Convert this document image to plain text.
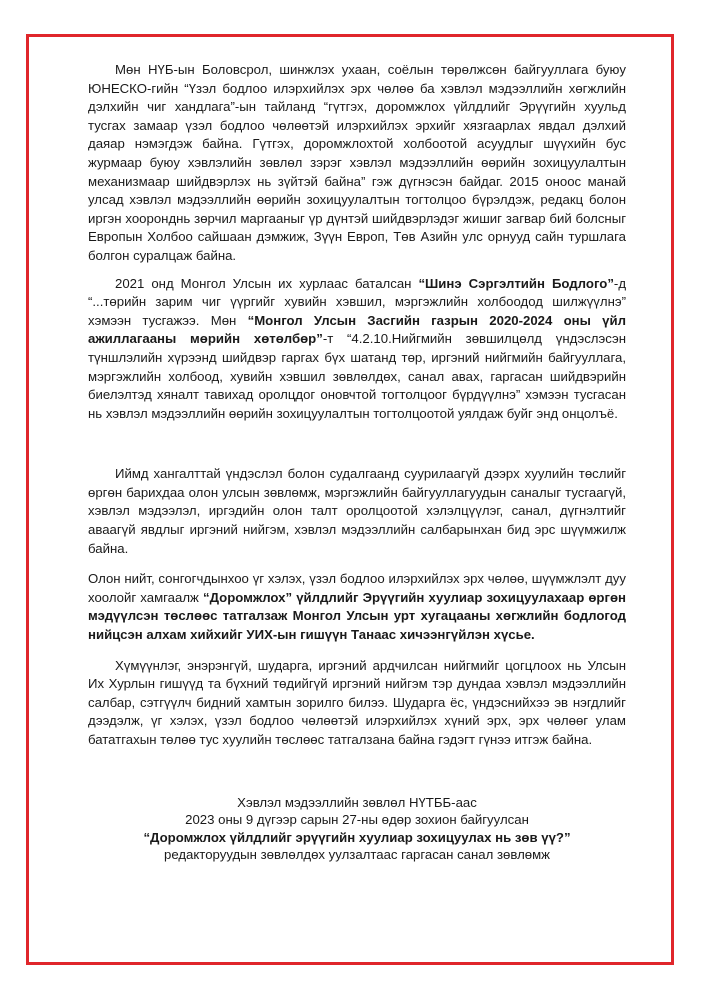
Мөн НҮБ-ын Боловсрол, шинжлэх ухаан, соёлын төрөлжсөн байгууллага буюу ЮНЕСКО-гийн “Үзэл бодлоо илэрхийлэх эрх чөлөө ба хэвлэл мэдээллийн хөгжлийн дэлхийн чиг хандлага”-ын тайланд “гүтгэх, доромжлох үйлдлийг Эрүүгийн хуульд тусгах замаар үзэл бодлоо чөлөөтэй илэрхийлэх эрхийг хязгаарлах явдал дэлхий даяар нэмэгдэж байна. Гүтгэх, доромжлохтой холбоотой асуудлыг шүүхийн бус журмаар буюу хэвлэлийн зөвлөл зэрэг хэвлэл мэдээллийн өөрийн зохицуулалтын механизмаар шийдвэрлэх нь зүйтэй байна” гэж дүгнэсэн байдаг. 2015 оноос манай улсад хэвлэл мэдээллийн өөрийн зохицуулалтын тогтолцоо бүрэлдэж, редакц болон иргэн хооронднь зөрчил маргааныг үр дүнтэй шийдвэрлэдэг жишиг загвар бий болсныг Европын Холбоо сайшаан дэмжиж, Зүүн Европ, Төв Азийн улс орнууд сайн туршлага болгон суралцаж байна.

2021 онд Монгол Улсын их хурлаас баталсан “Шинэ Сэргэлтийн Бодлого”-д “...төрийн зарим чиг үүргийг хувийн хэвшил, мэргэжлийн холбоодод шилжүүлнэ” хэмээн тусгажээ. Мөн “Монгол Улсын Засгийн газрын 2020-2024 оны үйл ажиллагааны мөрийн хөтөлбөр”-т “4.2.10.Нийгмийн зөвшилцөлд үндэслэсэн түншлэлийн хүрээнд шийдвэр гаргах бүх шатанд төр, иргэний нийгмийн байгууллага, мэргэжлийн холбоод, хувийн хэвшил зөвлөлдөх, санал авах, гаргасан шийдвэрийн биелэлтэд хяналт тавихад оролцдог оновчтой тогтолцоог бүрдүүлнэ” хэмээн тусгасан нь хэвлэл мэдээллийн өөрийн зохицуулалтын тогтолцоотой уялдаж буйг энд онцолъё.

Иймд хангалттай үндэслэл болон судалгаанд суурилаагүй дээрх хуулийн төслийг өргөн барихдаа олон улсын зөвлөмж, мэргэжлийн байгууллагуудын саналыг тусгаагүй, хэвлэл мэдээлэл, иргэдийн олон талт оролцоотой хэлэлцүүлэг, санал, дүгнэлтийг аваагүй явдлыг иргэний нийгэм, хэвлэл мэдээллийн салбарынхан бид эрс шүүмжилж байна.

Олон нийт, сонгогчдынхоо үг хэлэх, үзэл бодлоо илэрхийлэх эрх чөлөө, шүүмжлэлт дуу хоолойг хамгаалж “Доромжлох” үйлдлийг Эрүүгийн хуулиар зохицуулахаар өргөн мэдүүлсэн төслөөс татгалзаж Монгол Улсын урт хугацааны хөгжлийн бодлогод нийцсэн алхам хийхийг УИХ-ын гишүүн Танаас хичээнгүйлэн хүсье.

Хүмүүнлэг, энэрэнгүй, шударга, иргэний ардчилсан нийгмийг цогцлоох нь Улсын Их Хурлын гишүүд та бүхний төдийгүй иргэний нийгэм тэр дундаа хэвлэл мэдээллийн салбар, сэтгүүлч бидний хамтын зорилго билээ. Шударга ёс, үндэснийхээ эв нэгдлийг дээдэлж, үг хэлэх, үзэл бодлоо чөлөөтэй илэрхийлэх хүний эрх, эрх чөлөөг улам бататгахын төлөө тус хуулийн төслөөс татгалзана байна гэдэгт гүнээ итгэж байна.

Хэвлэл мэдээллийн зөвлөл НҮТББ-аас
2023 оны 9 дүгээр сарын 27-ны өдөр зохион байгуулсан
“Доромжлох үйлдлийг эрүүгийн хуулиар зохицуулах нь зөв үү?”
редакторуудын зөвлөлдөх уулзалтаас гаргасан санал зөвлөмж
